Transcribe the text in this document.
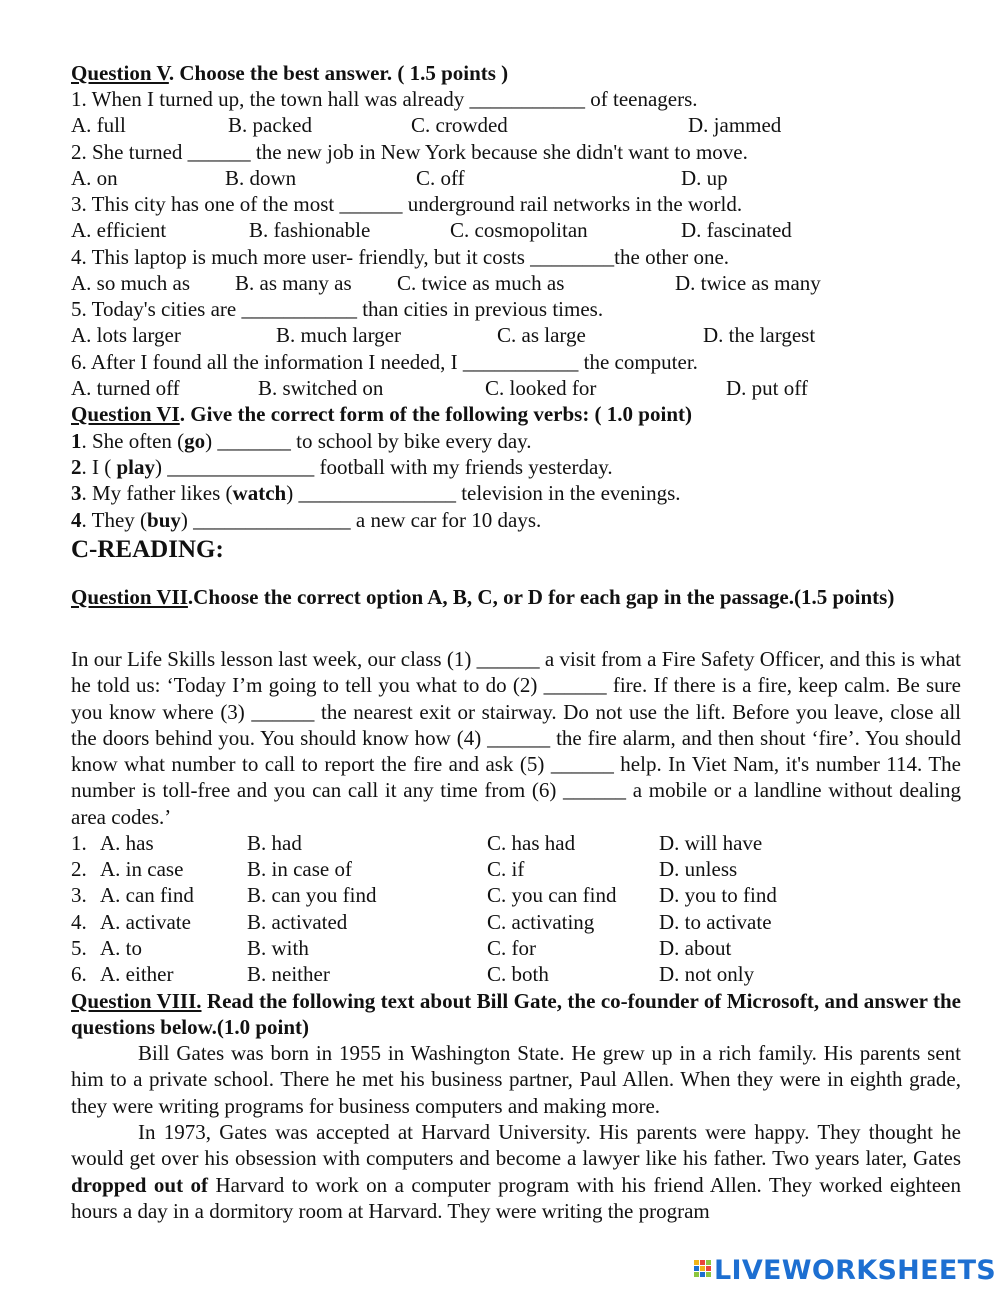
Question V. Choose the best answer. ( 1.5 points )
1. When I turned up, the town hall was already ___________ of teenagers.
A. full	B. packed	C. crowded	D. jammed
2. She turned ______ the new job in New York because she didn't want to move.
A. on	B. down	C. off	D. up
3. This city has one of the most ______ underground rail networks in the world.
A. efficient	B. fashionable	C. cosmopolitan	D. fascinated
4. This laptop is much more user- friendly, but it costs ________the other one.
A. so much as B. as many as C. twice as much as	D. twice as many
5. Today's cities are ___________ than cities in previous times.
A. lots larger	B. much larger	C. as large	D. the largest
6. After I found all the information I needed, I ___________ the computer.
A. turned off	B. switched on	C. looked for	D. put off
Question VI. Give the correct form of the following verbs: ( 1.0 point)
1. She often (go) _______ to school by bike every day.
2. I ( play) ______________ football with my friends yesterday.
3. My father likes (watch) _______________ television in the evenings.
4. They (buy) _______________ a new car for 10 days.
C-READING:
Question VII.Choose the correct option A, B, C, or D for each gap in the passage.(1.5 points)
In our Life Skills lesson last week, our class (1) ______ a visit from a Fire Safety Officer, and this is what he told us: ‘Today I’m going to tell you what to do (2) ______ fire. If there is a fire, keep calm. Be sure you know where (3) ______ the nearest exit or stairway. Do not use the lift. Before you leave, close all the doors behind you. You should know how (4) ______ the fire alarm, and then shout ‘fire’. You should know what number to call to report the fire and ask (5) ______ help. In Viet Nam, it's number 114. The number is toll-free and you can call it any time from (6) ______ a mobile or a landline without dealing area codes.’
1. A. has	B. had	C. has had	D. will have
2. A. in case	B. in case of	C. if	D. unless
3. A. can find	B. can you find	C. you can find D. you to find
4. A. activate	B. activated	C. activating	D. to activate
5. A. to	B. with	C. for	D. about
6. A. either	B. neither	C. both	D. not only
Question VIII. Read the following text about Bill Gate, the co-founder of Microsoft, and answer the questions below.(1.0 point)
Bill Gates was born in 1955 in Washington State. He grew up in a rich family. His parents sent him to a private school. There he met his business partner, Paul Allen. When they were in eighth grade, they were writing programs for business computers and making more.
In 1973, Gates was accepted at Harvard University. His parents were happy. They thought he would get over his obsession with computers and become a lawyer like his father. Two years later, Gates dropped out of Harvard to work on a computer program with his friend Allen. They worked eighteen hours a day in a dormitory room at Harvard. They were writing the program
LIVEWORKSHEETS
